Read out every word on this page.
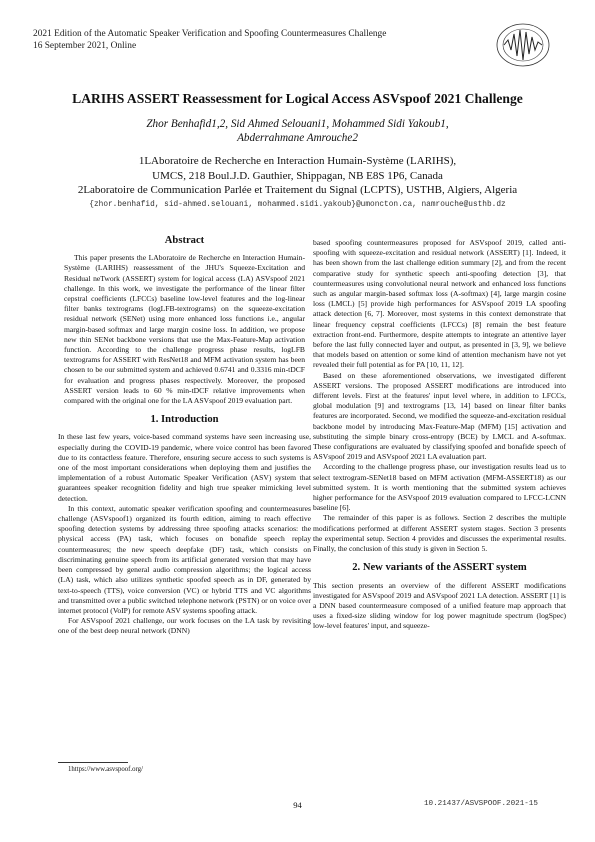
2021 Edition of the Automatic Speaker Verification and Spoofing Countermeasures Challenge
16 September 2021, Online
LARIHS ASSERT Reassessment for Logical Access ASVspoof 2021 Challenge
Zhor Benhafid1,2, Sid Ahmed Selouani1, Mohammed Sidi Yakoub1,
Abderrahmane Amrouche2
1LAboratoire de Recherche en Interaction Humain-Système (LARIHS),
UMCS, 218 Boul.J.D. Gauthier, Shippagan, NB E8S 1P6, Canada
2Laboratoire de Communication Parlée et Traitement du Signal (LCPTS), USTHB, Algiers, Algeria
{zhor.benhafid, sid-ahmed.selouani, mohammed.sidi.yakoub}@umoncton.ca, namrouche@usthb.dz
Abstract

This paper presents the LAboratoire de Recherche en Interaction Humain-Système (LARIHS) reassessment of the JHU's Squeeze-Excitation and Residual neTwork (ASSERT) system for logical access (LA) ASVspoof 2021 challenge. In this work, we investigate the performance of the linear filter cepstral coefficients (LFCCs) baseline low-level features and the log-linear filter banks textrograms (logLFB-textrograms) on the squeeze-excitation residual network (SENet) using more enhanced loss functions i.e., angular margin-based softmax and large margin cosine loss. In addition, we propose new thin SENet backbone versions that use the Max-Feature-Map activation function. According to the challenge progress phase results, logLFB textrograms for ASSERT with ResNet18 and MFM activation system has been chosen to be our submitted system and achieved 0.6741 and 0.3316 min-tDCF for evaluation and progress phases respectively. Moreover, the proposed ASSERT version leads to 60 % min-tDCF relative improvements when compared with the original one for the LA ASVspoof 2019 evaluation part.

1. Introduction

In these last few years, voice-based command systems have seen increasing use, especially during the COVID-19 pandemic, where voice control has been favored due to its contactless feature. Therefore, ensuring secure access to such systems is one of the most important considerations when deploying them and justifies the implementation of a robust Automatic Speaker Verification (ASV) system that guarantees speaker recognition fidelity and high true speaker mimicking level detection.

In this context, automatic speaker verification spoofing and countermeasures challenge (ASVspoof1) organized its fourth edition, aiming to reach effective spoofing detection systems by addressing three spoofing attacks scenarios: the physical access (PA) task, which focuses on bonafide speech replay countermeasures; the new speech deepfake (DF) task, which consists on discriminating genuine speech from its artificial generated version that may have been compressed by general audio compression algorithms; the logical access (LA) task, which also utilizes synthetic spoofed speech as in DF, generated by text-to-speech (TTS), voice conversion (VC) or hybrid TTS and VC algorithms and transmitted over a public switched telephone network (PSTN) or on voice over internet protocol (VoIP) for remote ASV systems spoofing attack.

For ASVspoof 2021 challenge, our work focuses on the LA task by revisiting one of the best deep neural network (DNN)

based spoofing countermeasures proposed for ASVspoof 2019, called anti-spoofing with squeeze-excitation and residual network (ASSERT) [1]. Indeed, it has been shown from the last challenge edition summary [2], and from the recent comparative study for synthetic speech anti-spoofing detection [3], that countermeasures using convolutional neural network and enhanced loss functions such as angular margin-based softmax loss (A-softmax) [4], large margin cosine loss (LMCL) [5] provide high performances for ASVspoof 2019 LA spoofing attack detection [6, 7]. Moreover, most systems in this context demonstrate that linear frequency cepstral coefficients (LFCCs) [8] remain the best feature extraction front-end. Furthermore, despite attempts to integrate an attentive layer before the last fully connected layer and output, as presented in [3, 9], we believe that models based on attention or some kind of attention mechanism have not yet revealed their full potential as for PA [10, 11, 12].

Based on these aforementioned observations, we investigated different ASSERT versions. The proposed ASSERT modifications are introduced into different levels. First at the features' input level where, in addition to LFCCs, global modulation [9] and textrograms [13, 14] based on linear filter banks features are incorporated. Second, we modified the squeeze-and-excitation residual backbone model by introducing Max-Feature-Map (MFM) [15] activation and substituting the simple binary cross-entropy (BCE) by LMCL and A-softmax. These configurations are evaluated by classifying spoofed and bonafide speech of ASVspoof 2019 and ASVspoof 2021 LA evaluation part.

According to the challenge progress phase, our investigation results lead us to select textrogram-SENet18 based on MFM activation (MFM-ASSERT18) as our submitted system. It is worth mentioning that the submitted system achieves higher performance for the ASVspoof 2019 evaluation compared to LFCC-LCNN baseline [6].

The remainder of this paper is as follows. Section 2 describes the multiple modifications performed at different ASSERT system stages. Section 3 presents the experimental setup. Section 4 provides and discusses the experimental results. Finally, the conclusion of this study is given in Section 5.

2. New variants of the ASSERT system

This section presents an overview of the different ASSERT modifications investigated for ASVspoof 2019 and ASVspoof 2021 LA detection. ASSERT [1] is a DNN based countermeasure composed of a unified feature map approach that uses a fixed-size sliding window for log power magnitude spectrum (logSpec) low-level features' input, and squeeze-

1https://www.asvspoof.org/
94	10.21437/ASVSPOOF.2021-15
